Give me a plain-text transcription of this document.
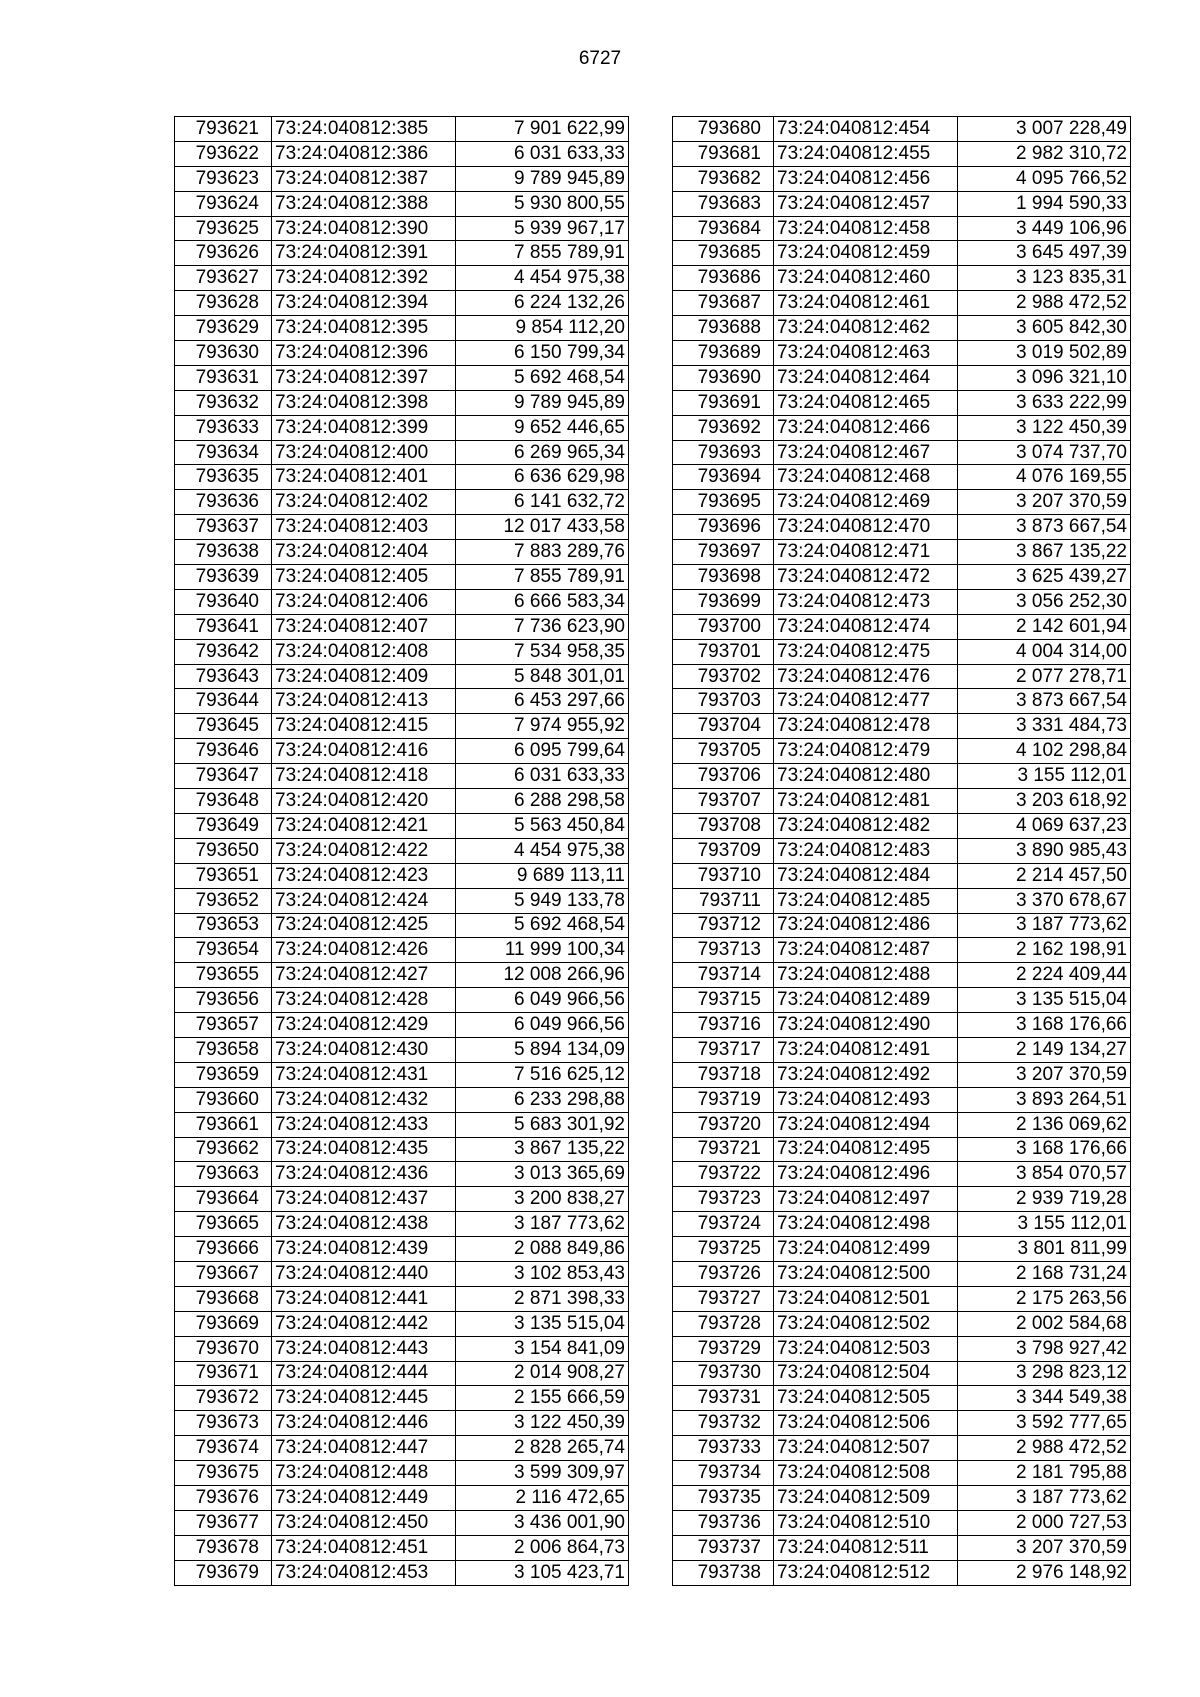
6727
793621	73:24:040812:385	7 901 622,99
793622	73:24:040812:386	6 031 633,33
793623	73:24:040812:387	9 789 945,89
793624	73:24:040812:388	5 930 800,55
793625	73:24:040812:390	5 939 967,17
793626	73:24:040812:391	7 855 789,91
793627	73:24:040812:392	4 454 975,38
793628	73:24:040812:394	6 224 132,26
793629	73:24:040812:395	9 854 112,20
793630	73:24:040812:396	6 150 799,34
793631	73:24:040812:397	5 692 468,54
793632	73:24:040812:398	9 789 945,89
793633	73:24:040812:399	9 652 446,65
793634	73:24:040812:400	6 269 965,34
793635	73:24:040812:401	6 636 629,98
793636	73:24:040812:402	6 141 632,72
793637	73:24:040812:403	12 017 433,58
793638	73:24:040812:404	7 883 289,76
793639	73:24:040812:405	7 855 789,91
793640	73:24:040812:406	6 666 583,34
793641	73:24:040812:407	7 736 623,90
793642	73:24:040812:408	7 534 958,35
793643	73:24:040812:409	5 848 301,01
793644	73:24:040812:413	6 453 297,66
793645	73:24:040812:415	7 974 955,92
793646	73:24:040812:416	6 095 799,64
793647	73:24:040812:418	6 031 633,33
793648	73:24:040812:420	6 288 298,58
793649	73:24:040812:421	5 563 450,84
793650	73:24:040812:422	4 454 975,38
793651	73:24:040812:423	9 689 113,11
793652	73:24:040812:424	5 949 133,78
793653	73:24:040812:425	5 692 468,54
793654	73:24:040812:426	11 999 100,34
793655	73:24:040812:427	12 008 266,96
793656	73:24:040812:428	6 049 966,56
793657	73:24:040812:429	6 049 966,56
793658	73:24:040812:430	5 894 134,09
793659	73:24:040812:431	7 516 625,12
793660	73:24:040812:432	6 233 298,88
793661	73:24:040812:433	5 683 301,92
793662	73:24:040812:435	3 867 135,22
793663	73:24:040812:436	3 013 365,69
793664	73:24:040812:437	3 200 838,27
793665	73:24:040812:438	3 187 773,62
793666	73:24:040812:439	2 088 849,86
793667	73:24:040812:440	3 102 853,43
793668	73:24:040812:441	2 871 398,33
793669	73:24:040812:442	3 135 515,04
793670	73:24:040812:443	3 154 841,09
793671	73:24:040812:444	2 014 908,27
793672	73:24:040812:445	2 155 666,59
793673	73:24:040812:446	3 122 450,39
793674	73:24:040812:447	2 828 265,74
793675	73:24:040812:448	3 599 309,97
793676	73:24:040812:449	2 116 472,65
793677	73:24:040812:450	3 436 001,90
793678	73:24:040812:451	2 006 864,73
793679	73:24:040812:453	3 105 423,71
793680	73:24:040812:454	3 007 228,49
793681	73:24:040812:455	2 982 310,72
793682	73:24:040812:456	4 095 766,52
793683	73:24:040812:457	1 994 590,33
793684	73:24:040812:458	3 449 106,96
793685	73:24:040812:459	3 645 497,39
793686	73:24:040812:460	3 123 835,31
793687	73:24:040812:461	2 988 472,52
793688	73:24:040812:462	3 605 842,30
793689	73:24:040812:463	3 019 502,89
793690	73:24:040812:464	3 096 321,10
793691	73:24:040812:465	3 633 222,99
793692	73:24:040812:466	3 122 450,39
793693	73:24:040812:467	3 074 737,70
793694	73:24:040812:468	4 076 169,55
793695	73:24:040812:469	3 207 370,59
793696	73:24:040812:470	3 873 667,54
793697	73:24:040812:471	3 867 135,22
793698	73:24:040812:472	3 625 439,27
793699	73:24:040812:473	3 056 252,30
793700	73:24:040812:474	2 142 601,94
793701	73:24:040812:475	4 004 314,00
793702	73:24:040812:476	2 077 278,71
793703	73:24:040812:477	3 873 667,54
793704	73:24:040812:478	3 331 484,73
793705	73:24:040812:479	4 102 298,84
793706	73:24:040812:480	3 155 112,01
793707	73:24:040812:481	3 203 618,92
793708	73:24:040812:482	4 069 637,23
793709	73:24:040812:483	3 890 985,43
793710	73:24:040812:484	2 214 457,50
793711	73:24:040812:485	3 370 678,67
793712	73:24:040812:486	3 187 773,62
793713	73:24:040812:487	2 162 198,91
793714	73:24:040812:488	2 224 409,44
793715	73:24:040812:489	3 135 515,04
793716	73:24:040812:490	3 168 176,66
793717	73:24:040812:491	2 149 134,27
793718	73:24:040812:492	3 207 370,59
793719	73:24:040812:493	3 893 264,51
793720	73:24:040812:494	2 136 069,62
793721	73:24:040812:495	3 168 176,66
793722	73:24:040812:496	3 854 070,57
793723	73:24:040812:497	2 939 719,28
793724	73:24:040812:498	3 155 112,01
793725	73:24:040812:499	3 801 811,99
793726	73:24:040812:500	2 168 731,24
793727	73:24:040812:501	2 175 263,56
793728	73:24:040812:502	2 002 584,68
793729	73:24:040812:503	3 798 927,42
793730	73:24:040812:504	3 298 823,12
793731	73:24:040812:505	3 344 549,38
793732	73:24:040812:506	3 592 777,65
793733	73:24:040812:507	2 988 472,52
793734	73:24:040812:508	2 181 795,88
793735	73:24:040812:509	3 187 773,62
793736	73:24:040812:510	2 000 727,53
793737	73:24:040812:511	3 207 370,59
793738	73:24:040812:512	2 976 148,92
